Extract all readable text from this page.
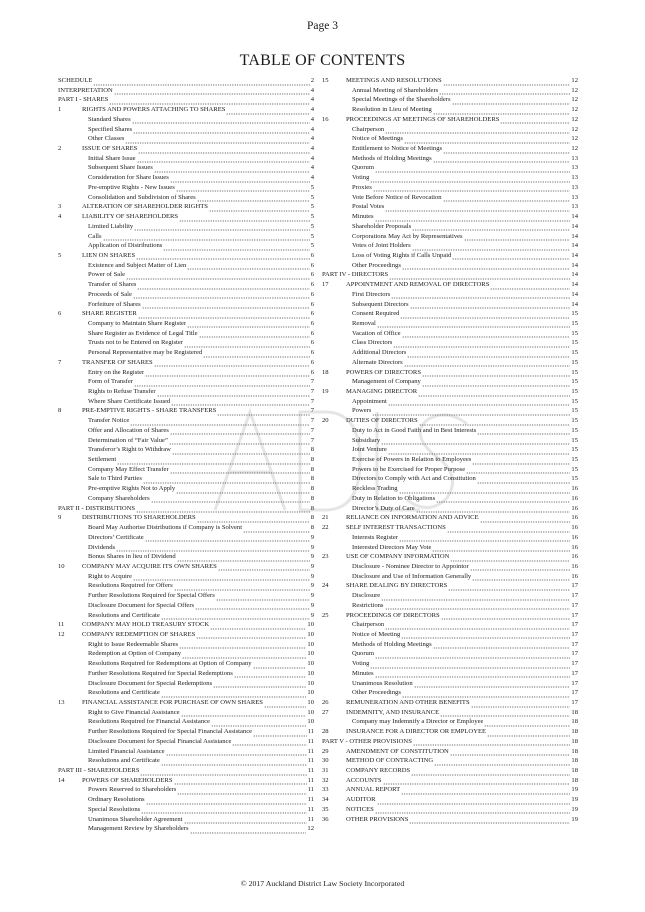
Page 3
TABLE OF CONTENTS
SCHEDULE	2
INTERPRETATION	4
PART I - SHARES	4
1	RIGHTS AND POWERS ATTACHING TO SHARES	4
Standard Shares	4
Specified Shares	4
Other Classes	4
2	ISSUE OF SHARES	4
Initial Share Issue	4
Subsequent Share Issues	4
Consideration for Share Issues	4
Pre-emptive Rights - New Issues	5
Consolidation and Subdivision of Shares	5
3	ALTERATION OF SHAREHOLDER RIGHTS	5
4	LIABILITY OF SHAREHOLDERS	5
Limited Liability	5
Calls	5
Application of Distributions	5
5	LIEN ON SHARES	6
Existence and Subject Matter of Lien	6
Power of Sale	6
Transfer of Shares	6
Proceeds of Sale	6
Forfeiture of Shares	6
6	SHARE REGISTER	6
Company to Maintain Share Register	6
Share Register as Evidence of Legal Title	6
Trusts not to be Entered on Register	6
Personal Representative may be Registered	6
7	TRANSFER OF SHARES	6
Entry on the Register	6
Form of Transfer	7
Rights to Refuse Transfer	7
Where Share Certificate Issued	7
8	PRE-EMPTIVE RIGHTS - SHARE TRANSFERS	7
Transfer Notice	7
Offer and Allocation of Shares	7
Determination of “Fair Value”	7
Transferor’s Right to Withdraw	8
Settlement	8
Company May Effect Transfer	8
Sale to Third Parties	8
Pre-emptive Rights Not to Apply	8
Company Shareholders	8
PART II - DISTRIBUTIONS	8
9	DISTRIBUTIONS TO SHAREHOLDERS	8
Board May Authorise Distributions if Company is Solvent	8
Directors’ Certificate	9
Dividends	9
Bonus Shares in lieu of Dividend	9
10	COMPANY MAY ACQUIRE ITS OWN SHARES	9
Right to Acquire	9
Resolutions Required for Offers	9
Further Resolutions Required for Special Offers	9
Disclosure Document for Special Offers	9
Resolutions and Certificate	9
11	COMPANY MAY HOLD TREASURY STOCK	10
12	COMPANY REDEMPTION OF SHARES	10
Right to Issue Redeemable Shares	10
Redemption at Option of Company	10
Resolutions Required for Redemptions at Option of Company	10
Further Resolutions Required for Special Redemptions	10
Disclosure Document for Special Redemptions	10
Resolutions and Certificate	10
13	FINANCIAL ASSISTANCE FOR PURCHASE OF OWN SHARES	10
Right to Give Financial Assistance	10
Resolutions Required for Financial Assistance	10
Further Resolutions Required for Special Financial Assistance	11
Disclosure Document for Special Financial Assistance	11
Limited Financial Assistance	11
Resolutions and Certificate	11
PART III - SHAREHOLDERS	11
14	POWERS OF SHAREHOLDERS	11
Powers Reserved to Shareholders	11
Ordinary Resolutions	11
Special Resolutions	11
Unanimous Shareholder Agreement	11
Management Review by Shareholders	12
15	MEETINGS AND RESOLUTIONS	12
Annual Meeting of Shareholders	12
Special Meetings of the Shareholders	12
Resolution in Lieu of Meeting	12
16	PROCEEDINGS AT MEETINGS OF SHAREHOLDERS	12
Chairperson	12
Notice of Meetings	12
Entitlement to Notice of Meetings	12
Methods of Holding Meetings	13
Quorum	13
Voting	13
Proxies	13
Vote Before Notice of Revocation	13
Postal Votes	13
Minutes	14
Shareholder Proposals	14
Corporations May Act by Representatives	14
Votes of Joint Holders	14
Loss of Voting Rights if Calls Unpaid	14
Other Proceedings	14
PART IV - DIRECTORS	14
17	APPOINTMENT AND REMOVAL OF DIRECTORS	14
First Directors	14
Subsequent Directors	14
Consent Required	15
Removal	15
Vacation of Office	15
Class Directors	15
Additional Directors	15
Alternate Directors	15
18	POWERS OF DIRECTORS	15
Management of Company	15
19	MANAGING DIRECTOR	15
Appointment	15
Powers	15
20	DUTIES OF DIRECTORS	15
Duty to Act in Good Faith and in Best Interests	15
Subsidiary	15
Joint Venture	15
Exercise of Powers in Relation to Employees	15
Powers to be Exercised for Proper Purpose	15
Directors to Comply with Act and Constitution	15
Reckless Trading	16
Duty in Relation to Obligations	16
Director’s Duty of Care	16
21	RELIANCE ON INFORMATION AND ADVICE	16
22	SELF INTEREST TRANSACTIONS	16
Interests Register	16
Interested Directors May Vote	16
23	USE OF COMPANY INFORMATION	16
Disclosure - Nominee Director to Appointor	16
Disclosure and Use of Information Generally	16
24	SHARE DEALING BY DIRECTORS	17
Disclosure	17
Restrictions	17
25	PROCEEDINGS OF DIRECTORS	17
Chairperson	17
Notice of Meeting	17
Methods of Holding Meetings	17
Quorum	17
Voting	17
Minutes	17
Unanimous Resolution	17
Other Proceedings	17
26	REMUNERATION AND OTHER BENEFITS	17
27	INDEMNITY, AND INSURANCE	18
Company may Indemnify a Director or Employee	18
28	INSURANCE FOR A DIRECTOR OR EMPLOYEE	18
PART V - OTHER PROVISIONS	18
29	AMENDMENT OF CONSTITUTION	18
30	METHOD OF CONTRACTING	18
31	COMPANY RECORDS	18
32	ACCOUNTS	18
33	ANNUAL REPORT	19
34	AUDITOR	19
35	NOTICES	19
36	OTHER PROVISIONS	19
© 2017 Auckland District Law Society Incorporated
